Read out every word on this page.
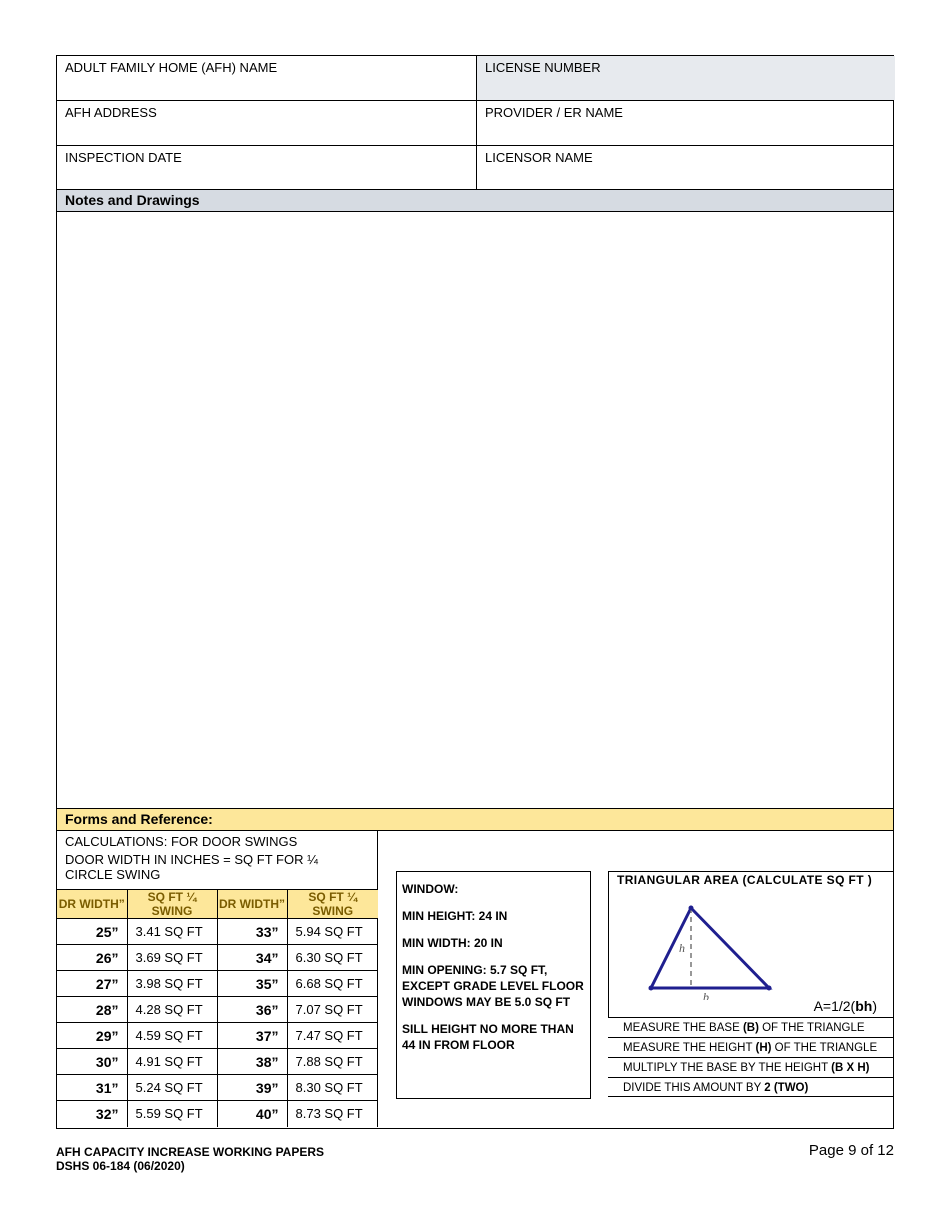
ADULT FAMILY HOME (AFH) NAME	LICENSE NUMBER
AFH ADDRESS	PROVIDER / ER NAME
INSPECTION DATE	LICENSOR NAME
Notes and Drawings
Forms and Reference:
CALCULATIONS: FOR DOOR SWINGS
DOOR WIDTH IN INCHES = SQ FT FOR ¼ CIRCLE SWING
DR WIDTH”	SQ FT ¼ SWING	DR WIDTH”	SQ FT ¼ SWING
25”	3.41 SQ FT	33”	5.94 SQ FT
26”	3.69 SQ FT	34”	6.30 SQ FT
27”	3.98 SQ FT	35”	6.68 SQ FT
28”	4.28 SQ FT	36”	7.07 SQ FT
29”	4.59 SQ FT	37”	7.47 SQ FT
30”	4.91 SQ FT	38”	7.88 SQ FT
31”	5.24 SQ FT	39”	8.30 SQ FT
32”	5.59 SQ FT	40”	8.73 SQ FT

WINDOW:

MIN HEIGHT: 24 IN

MIN WIDTH: 20 IN

MIN OPENING: 5.7 SQ FT, EXCEPT GRADE LEVEL FLOOR WINDOWS MAY BE 5.0 SQ FT

SILL HEIGHT NO MORE THAN 44 IN FROM FLOOR

TRIANGULAR AREA (CALCULATE SQ FT )
h
b
A=1/2(bh)
MEASURE THE BASE (B) OF THE TRIANGLE
MEASURE THE HEIGHT (H) OF THE TRIANGLE
MULTIPLY THE BASE BY THE HEIGHT (B X H)
DIVIDE THIS AMOUNT BY 2 (TWO)
AFH CAPACITY INCREASE WORKING PAPERS
DSHS 06-184 (06/2020)
Page 9 of 12
